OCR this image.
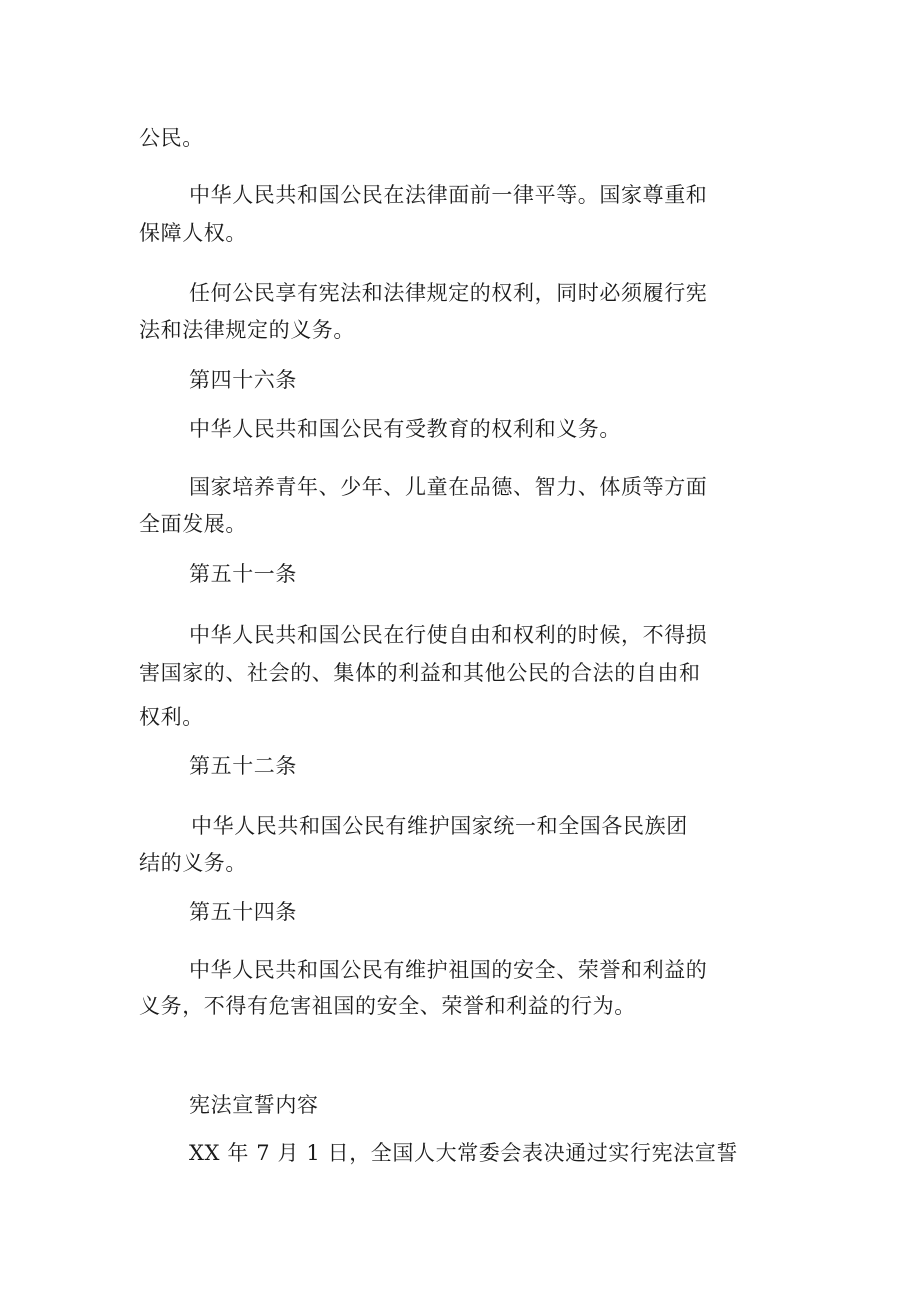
公民。

中华人民共和国公民在法律面前一律平等。国家尊重和

保障人权。

任何公民享有宪法和法律规定的权利，同时必须履行宪

法和法律规定的义务。

第四十六条

中华人民共和国公民有受教育的权利和义务。

国家培养青年、少年、儿童在品德、智力、体质等方面

全面发展。

第五十一条

中华人民共和国公民在行使自由和权利的时候，不得损

害国家的、社会的、集体的利益和其他公民的合法的自由和

权利。

第五十二条

中华人民共和国公民有维护国家统一和全国各民族团

结的义务。

第五十四条

中华人民共和国公民有维护祖国的安全、荣誉和利益的

义务，不得有危害祖国的安全、荣誉和利益的行为。

宪法宣誓内容

XX 年 7 月 1 日，全国人大常委会表决通过实行宪法宣誓
